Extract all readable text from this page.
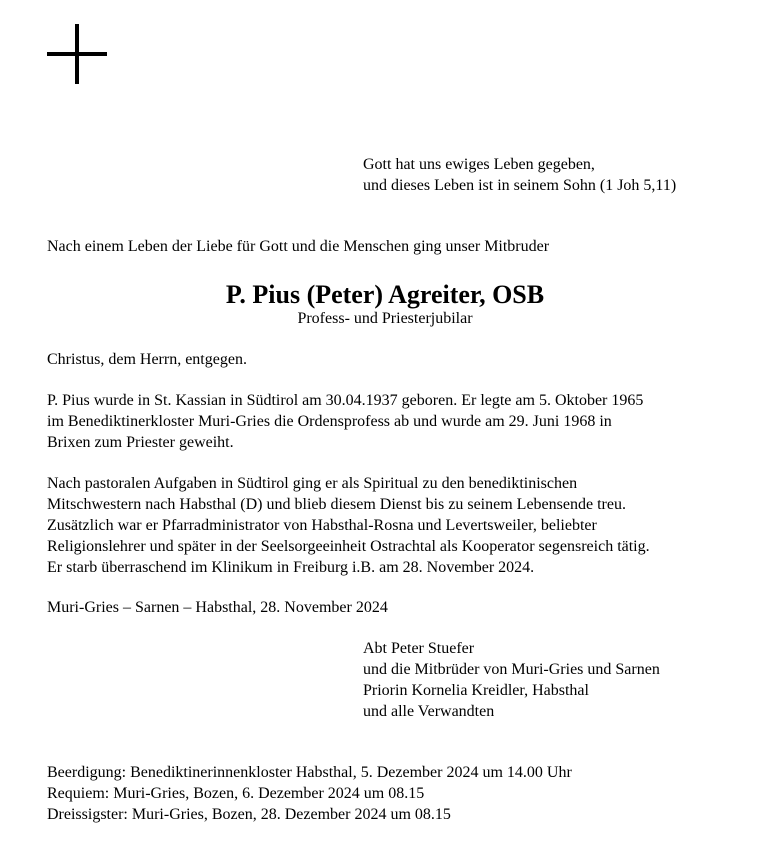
Gott hat uns ewiges Leben gegeben,
und dieses Leben ist in seinem Sohn (1 Joh 5,11)
Nach einem Leben der Liebe für Gott und die Menschen ging unser Mitbruder
P. Pius (Peter) Agreiter, OSB
Profess- und Priesterjubilar
Christus, dem Herrn, entgegen.
P. Pius wurde in St. Kassian in Südtirol am 30.04.1937 geboren. Er legte am 5. Oktober 1965
im Benediktinerkloster Muri-Gries die Ordensprofess ab und wurde am 29. Juni 1968 in
Brixen zum Priester geweiht.
Nach pastoralen Aufgaben in Südtirol ging er als Spiritual zu den benediktinischen
Mitschwestern nach Habsthal (D) und blieb diesem Dienst bis zu seinem Lebensende treu.
Zusätzlich war er Pfarradministrator von Habsthal-Rosna und Levertsweiler, beliebter
Religionslehrer und später in der Seelsorgeeinheit Ostrachtal als Kooperator segensreich tätig.
Er starb überraschend im Klinikum in Freiburg i.B. am 28. November 2024.
Muri-Gries – Sarnen – Habsthal, 28. November 2024
Abt Peter Stuefer
und die Mitbrüder von Muri-Gries und Sarnen
Priorin Kornelia Kreidler, Habsthal
und alle Verwandten
Beerdigung: Benediktinerinnenkloster Habsthal, 5. Dezember 2024 um 14.00 Uhr
Requiem: Muri-Gries, Bozen, 6. Dezember 2024 um 08.15
Dreissigster: Muri-Gries, Bozen, 28. Dezember 2024 um 08.15
